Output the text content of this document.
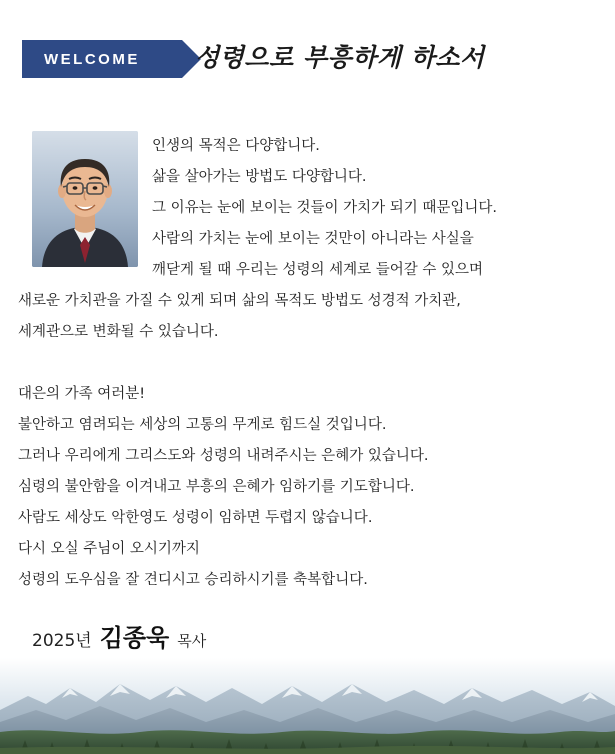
WELCOME 성령으로 부흥하게 하소서

인생의 목적은 다양합니다.

삶을 살아가는 방법도 다양합니다.

그 이유는 눈에 보이는 것들이 가치가 되기 때문입니다.

사람의 가치는 눈에 보이는 것만이 아니라는 사실을

깨닫게 될 때 우리는 성령의 세계로 들어갈 수 있으며

새로운 가치관을 가질 수 있게 되며 삶의 목적도 방법도 성경적 가치관,

세계관으로 변화될 수 있습니다.

대은의 가족 여러분!

불안하고 염려되는 세상의 고통의 무게로 힘드실 것입니다.

그러나 우리에게 그리스도와 성령의 내려주시는 은혜가 있습니다.

심령의 불안함을 이겨내고 부흥의 은혜가 임하기를 기도합니다.

사람도 세상도 악한영도 성령이 임하면 두렵지 않습니다.

다시 오실 주님이 오시기까지

성령의 도우심을 잘 견디시고 승리하시기를 축복합니다.

2025년 김종욱 목사
